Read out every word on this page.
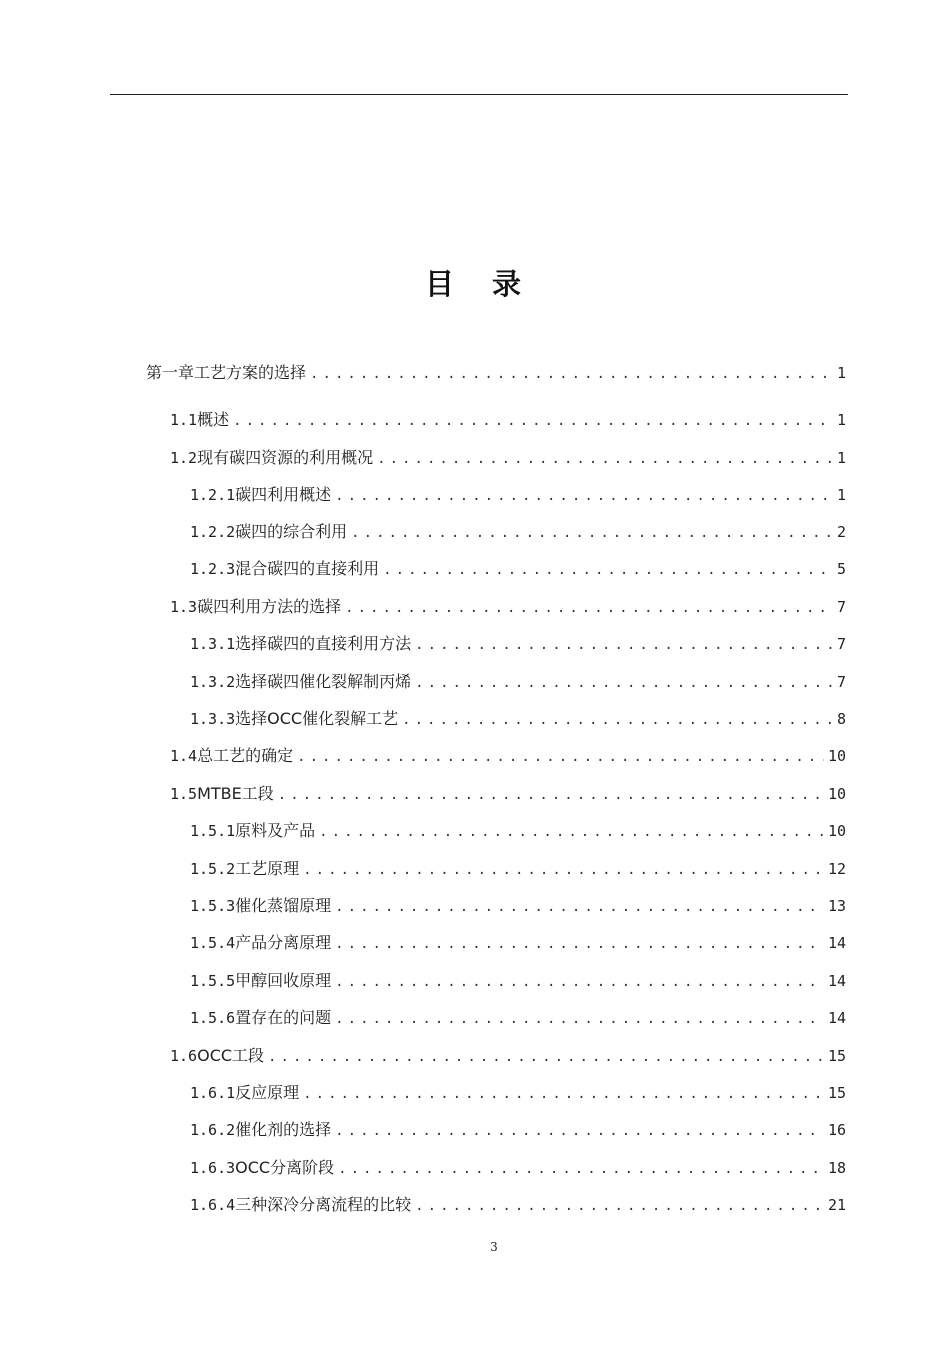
目 录
第一章 工艺方案的选择 . . .	1
1.1 概述 . . .	1
1.2 现有碳四资源的利用概况 . . .	1
1.2.1 碳四利用概述 . . .	1
1.2.2 碳四的综合利用 . . .	2
1.2.3 混合碳四的直接利用 . . .	5
1.3 碳四利用方法的选择 . . .	7
1.3.1 选择碳四的直接利用方法 . . .	7
1.3.2 选择碳四催化裂解制丙烯 . . .	7
1.3.3 选择OCC催化裂解工艺 . . .	8
1.4 总工艺的确定 . . .	10
1.5 MTBE工段 . . .	10
1.5.1 原料及产品 . . .	10
1.5.2 工艺原理 . . .	12
1.5.3 催化蒸馏原理 . . .	13
1.5.4 产品分离原理 . . .	14
1.5.5 甲醇回收原理 . . .	14
1.5.6 置存在的问题 . . .	14
1.6 OCC工段 . . .	15
1.6.1 反应原理 . . .	15
1.6.2 催化剂的选择 . . .	16
1.6.3 OCC分离阶段 . . .	18
1.6.4 三种深冷分离流程的比较 . . .	21
3
